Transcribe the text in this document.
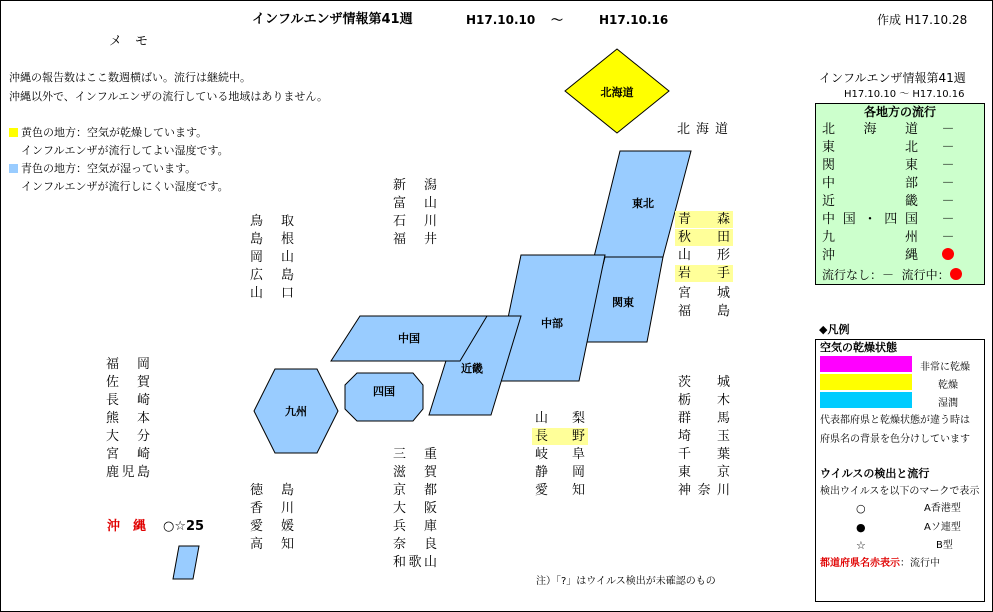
インフルエンザ情報第41週	H17.10.10 ～	H17.10.16	作成 H17.10.28
メ　モ
沖縄の報告数はここ数週横ばい。流行は継続中。
沖縄以外で、インフルエンザの流行している地域はありません。
黄色の地方：空気が乾燥しています。
インフルエンザが流行してよい湿度です。
青色の地方：空気が湿っています。
インフルエンザが流行しにくい湿度です。
北海道
東北
関東
中部
近畿
中国
四国
九州
北海道
青 森
秋 田
山 形
岩 手
宮 城
福 島
新 潟
富 山
石 川
福 井
鳥 取
島 根
岡 山
広 島
山 口
福 岡
佐 賀
長 崎
熊 本
大 分
宮 崎
鹿 児 島
徳 島
香 川
愛 媛
高 知
三 重
滋 賀
京 都
大 阪
兵 庫
奈 良
和 歌 山
山 梨
長 野
岐 阜
静 岡
愛 知
茨 城
栃 木
群 馬
埼 玉
千 葉
東 京
神 奈 川
沖　縄 ○☆25
注）「?」はウイルス検出が未確認のもの
インフルエンザ情報第41週
H17.10.10 ～ H17.10.16
各地方の流行
北 海 道 －
東	北 －
関	東 －
中	部 －
近	畿 －
中 国 ・ 四 国 －
九	州 －
沖	縄
流行なし：－ 流行中：
◆凡例
空気の乾燥状態
非常に乾燥
乾燥
湿潤
代表都府県と乾燥状態が違う時は
府県名の背景を色分けしています
ウイルスの検出と流行
検出ウイルスを以下のマークで表示
○	A香港型
●	Aソ連型
☆	B型
都道府県名赤表示：流行中
